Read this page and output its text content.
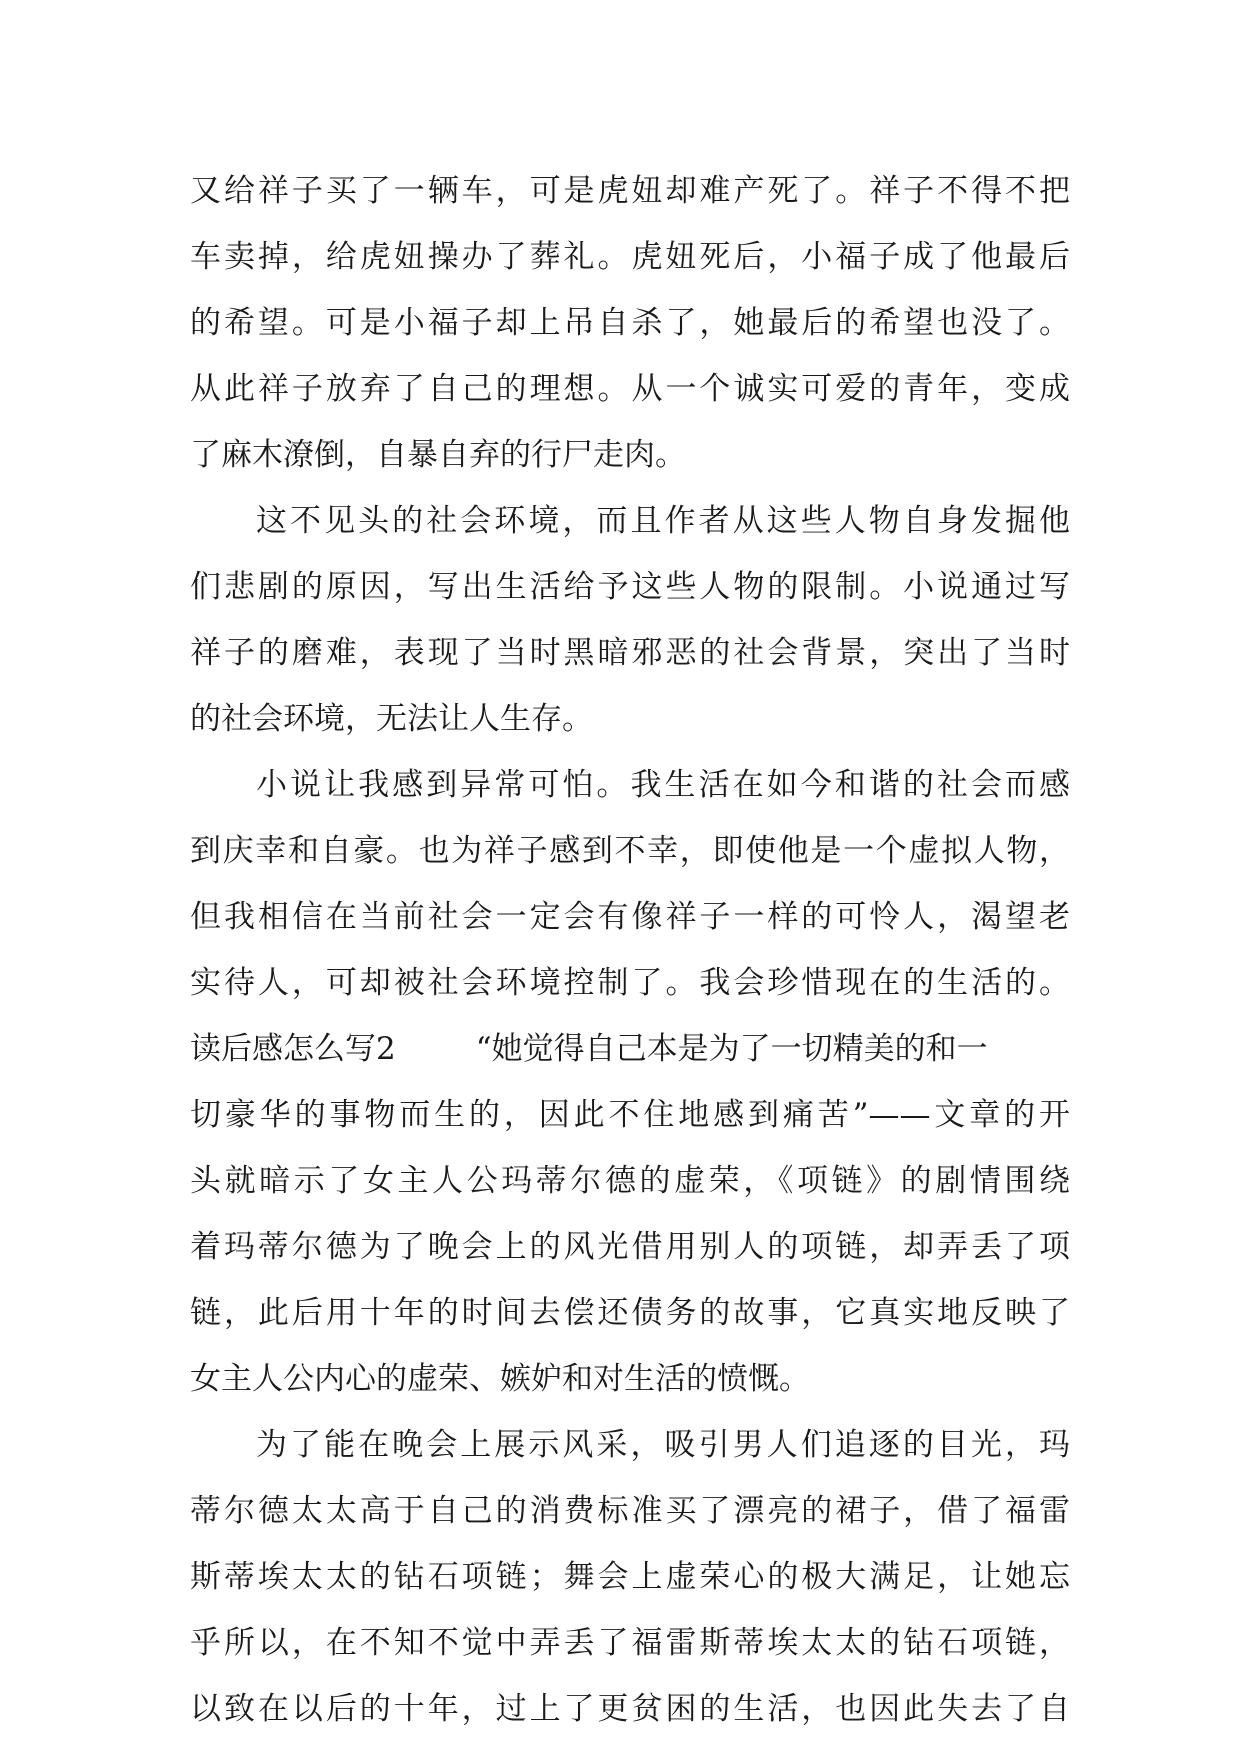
又给祥子买了一辆车，可是虎妞却难产死了。祥子不得不把
车卖掉，给虎妞操办了葬礼。虎妞死后，小福子成了他最后
的希望。可是小福子却上吊自杀了，她最后的希望也没了。
从此祥子放弃了自己的理想。从一个诚实可爱的青年，变成
了麻木潦倒，自暴自弃的行尸走肉。
这不见头的社会环境，而且作者从这些人物自身发掘他
们悲剧的原因，写出生活给予这些人物的限制。小说通过写
祥子的磨难，表现了当时黑暗邪恶的社会背景，突出了当时
的社会环境，无法让人生存。
小说让我感到异常可怕。我生活在如今和谐的社会而感
到庆幸和自豪。也为祥子感到不幸，即使他是一个虚拟人物，
但我相信在当前社会一定会有像祥子一样的可怜人，渴望老
实待人，可却被社会环境控制了。我会珍惜现在的生活的。
读后感怎么写2	“她觉得自己本是为了一切精美的和一
切豪华的事物而生的，因此不住地感到痛苦”——文章的开
头就暗示了女主人公玛蒂尔德的虚荣，《项链》的剧情围绕
着玛蒂尔德为了晚会上的风光借用别人的项链，却弄丢了项
链，此后用十年的时间去偿还债务的故事，它真实地反映了
女主人公内心的虚荣、嫉妒和对生活的愤慨。
为了能在晚会上展示风采，吸引男人们追逐的目光，玛
蒂尔德太太高于自己的消费标准买了漂亮的裙子，借了福雷
斯蒂埃太太的钻石项链；舞会上虚荣心的极大满足，让她忘
乎所以，在不知不觉中弄丢了福雷斯蒂埃太太的钻石项链，
以致在以后的十年，过上了更贫困的生活，也因此失去了自
